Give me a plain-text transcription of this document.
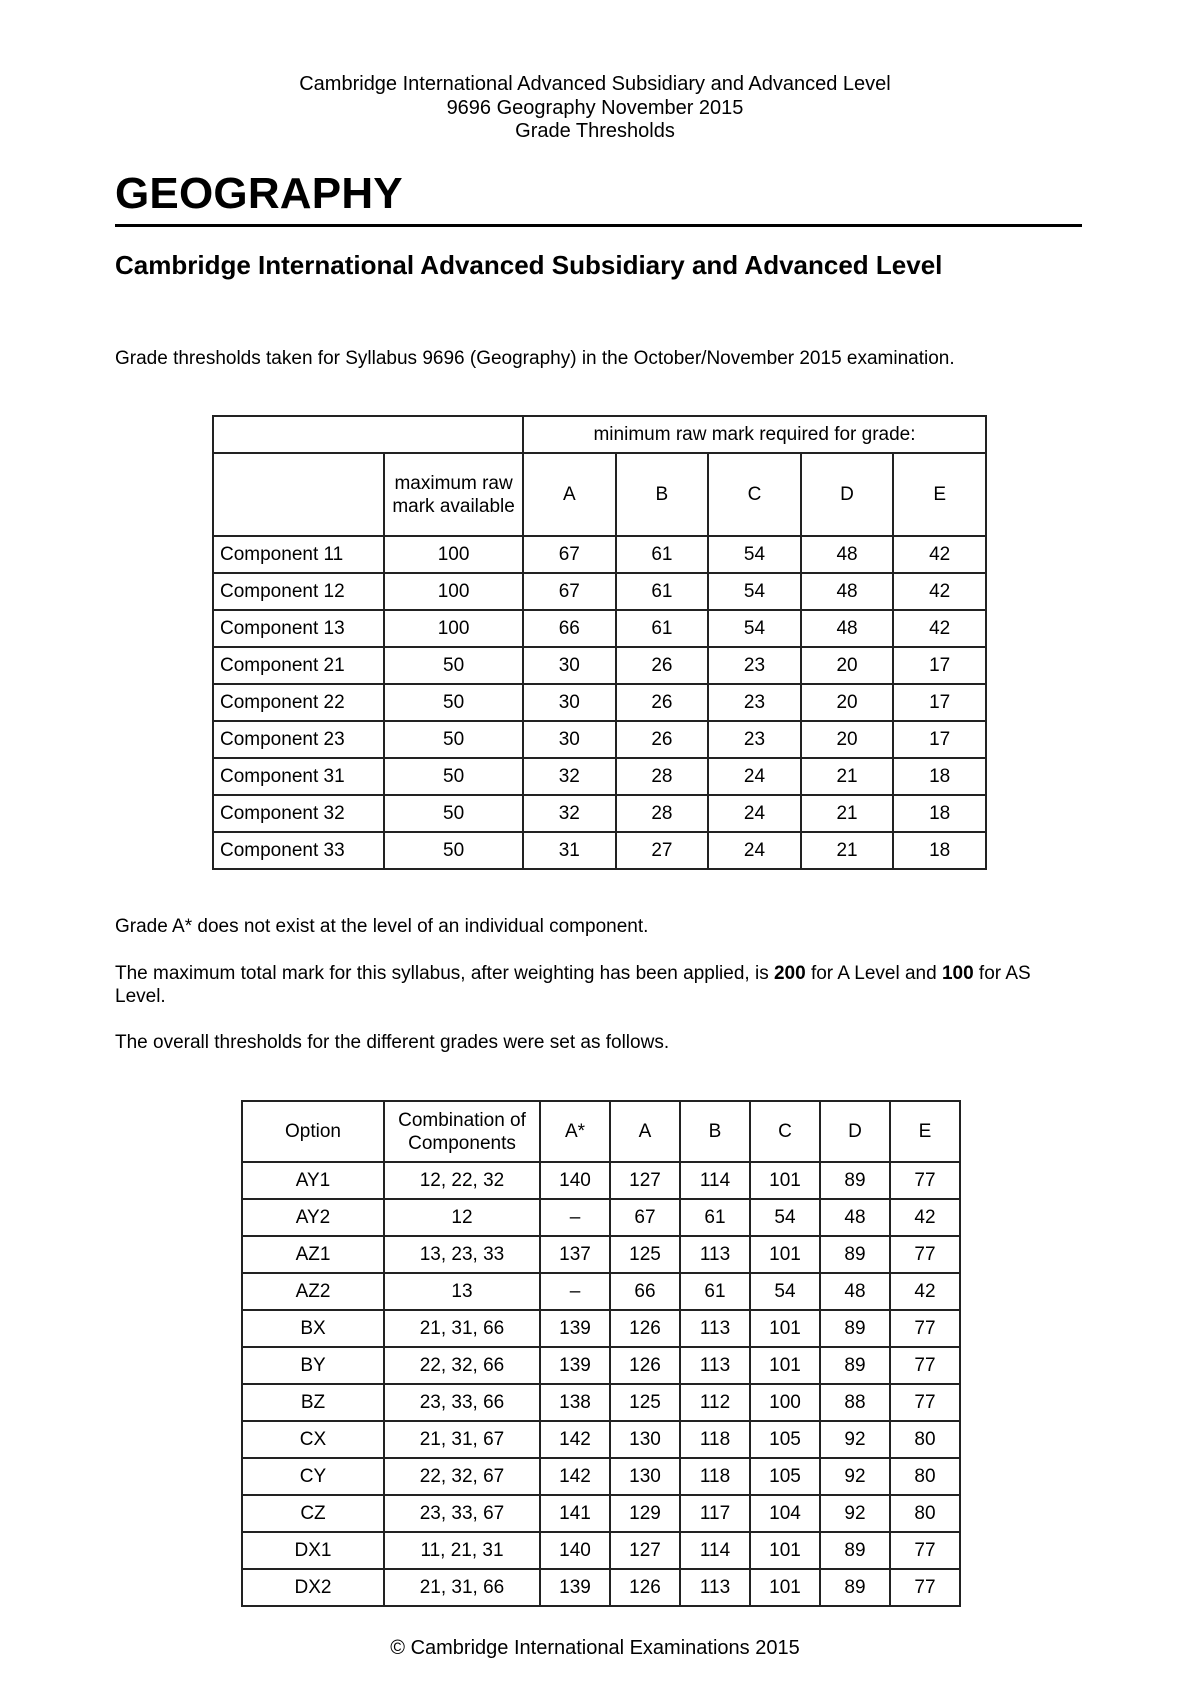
Cambridge International Advanced Subsidiary and Advanced Level
9696 Geography November 2015
Grade Thresholds
GEOGRAPHY
Cambridge International Advanced Subsidiary and Advanced Level

Grade thresholds taken for Syllabus 9696 (Geography) in the October/November 2015 examination.

		minimum raw mark required for grade:				
	maximum raw mark available	A	B	C	D	E
Component 11	100	67	61	54	48	42
Component 12	100	67	61	54	48	42
Component 13	100	66	61	54	48	42
Component 21	50	30	26	23	20	17
Component 22	50	30	26	23	20	17
Component 23	50	30	26	23	20	17
Component 31	50	32	28	24	21	18
Component 32	50	32	28	24	21	18
Component 33	50	31	27	24	21	18

Grade A* does not exist at the level of an individual component.

The maximum total mark for this syllabus, after weighting has been applied, is 200 for A Level and 100 for AS Level.

The overall thresholds for the different grades were set as follows.

Option	Combination of Components	A*	A	B	C	D	E
AY1	12, 22, 32	140	127	114	101	89	77
AY2	12	–	67	61	54	48	42
AZ1	13, 23, 33	137	125	113	101	89	77
AZ2	13	–	66	61	54	48	42
BX	21, 31, 66	139	126	113	101	89	77
BY	22, 32, 66	139	126	113	101	89	77
BZ	23, 33, 66	138	125	112	100	88	77
CX	21, 31, 67	142	130	118	105	92	80
CY	22, 32, 67	142	130	118	105	92	80
CZ	23, 33, 67	141	129	117	104	92	80
DX1	11, 21, 31	140	127	114	101	89	77
DX2	21, 31, 66	139	126	113	101	89	77
© Cambridge International Examinations 2015
